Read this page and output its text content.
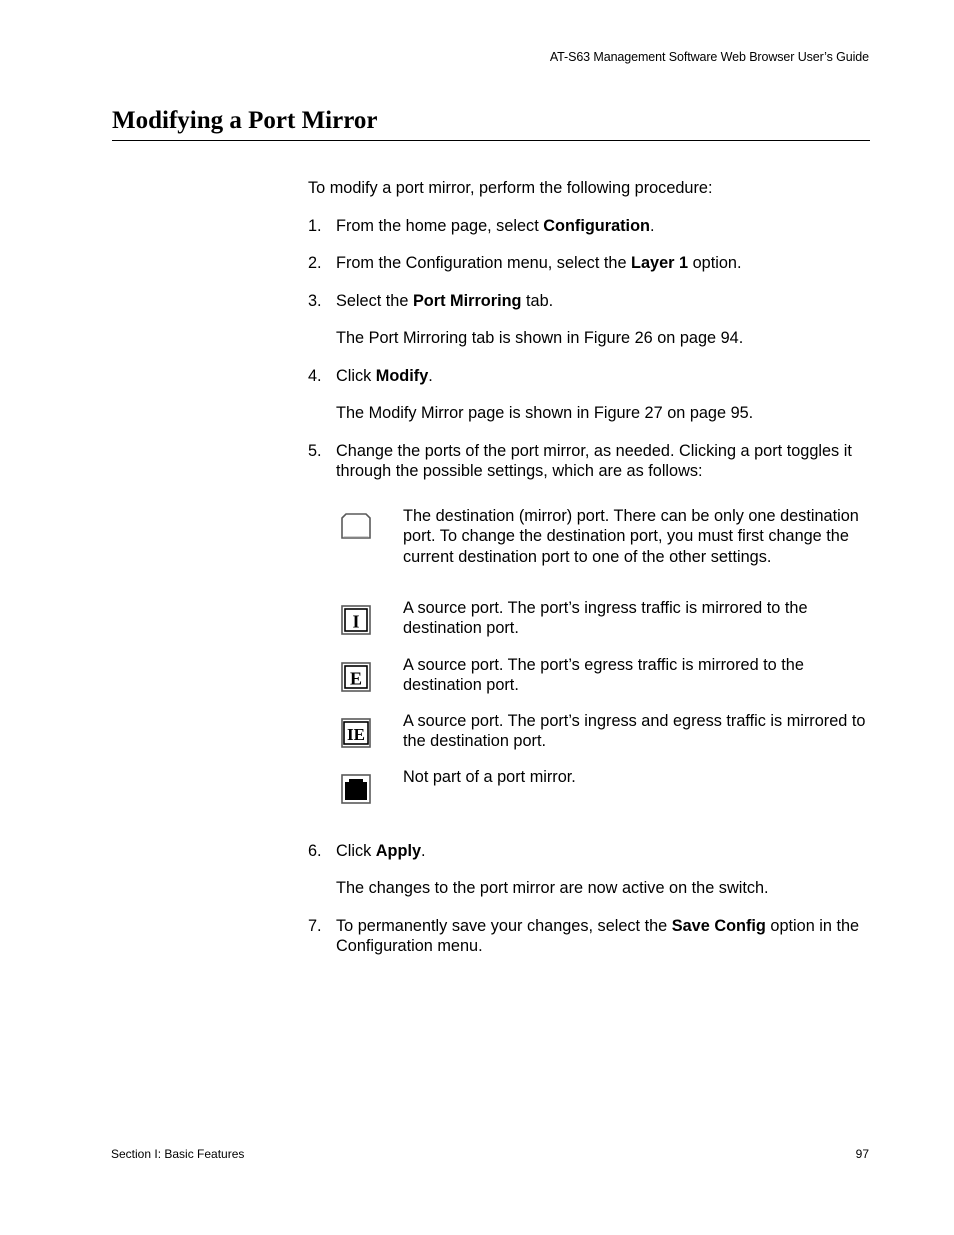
AT-S63 Management Software Web Browser User’s Guide
Modifying a Port Mirror

To modify a port mirror, perform the following procedure:

1. From the home page, select Configuration.

2. From the Configuration menu, select the Layer 1 option.

3. Select the Port Mirroring tab.

The Port Mirroring tab is shown in Figure 26 on page 94.

4. Click Modify.

The Modify Mirror page is shown in Figure 27 on page 95.

5. Change the ports of the port mirror, as needed. Clicking a port toggles it through the possible settings, which are as follows:

The destination (mirror) port. There can be only one destination port. To change the destination port, you must first change the current destination port to one of the other settings.

I

A source port. The port’s ingress traffic is mirrored to the destination port.

E

A source port. The port’s egress traffic is mirrored to the destination port.

IE

A source port. The port’s ingress and egress traffic is mirrored to the destination port.

Not part of a port mirror.

6. Click Apply.

The changes to the port mirror are now active on the switch.

7. To permanently save your changes, select the Save Config option in the Configuration menu.

Section I: Basic Features	97
